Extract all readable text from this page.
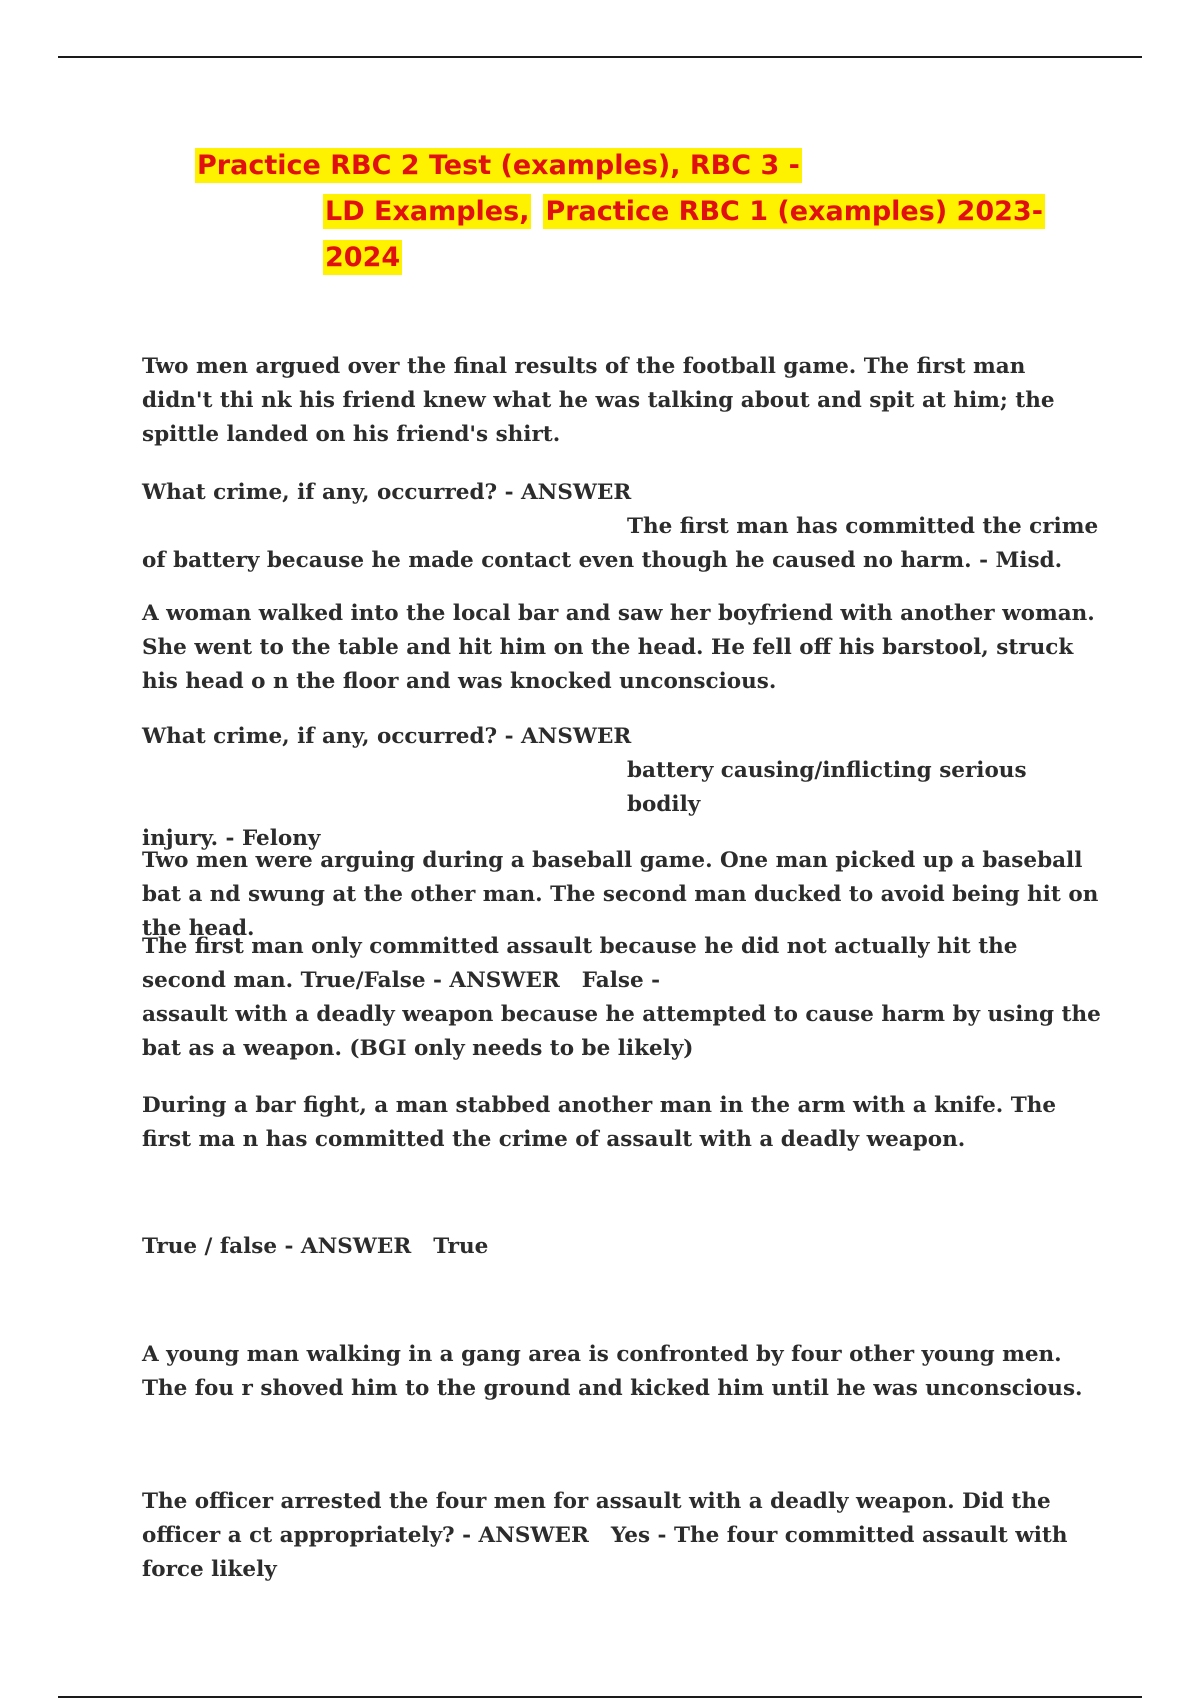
Practice RBC 2 Test (examples), RBC 3 -
LD Examples, Practice RBC 1 (examples) 2023-
2024
Two men argued over the final results of the football game. The first man didn't thi nk his friend knew what he was talking about and spit at him; the spittle landed on his friend's shirt.
What crime, if any, occurred? - ANSWER
The first man has committed the crime
of battery because he made contact even though he caused no harm. - Misd.
A woman walked into the local bar and saw her boyfriend with another woman. She went to the table and hit him on the head. He fell off his barstool, struck his head o n the floor and was knocked unconscious.
What crime, if any, occurred? - ANSWER
battery causing/inflicting serious bodily
injury. - Felony
Two men were arguing during a baseball game. One man picked up a baseball bat a nd swung at the other man. The second man ducked to avoid being hit on the head.
The first man only committed assault because he did not actually hit the second man. True/False - ANSWER False -
assault with a deadly weapon because he attempted to cause harm by using the bat as a weapon. (BGI only needs to be likely)
During a bar fight, a man stabbed another man in the arm with a knife. The first ma n has committed the crime of assault with a deadly weapon.
True / false - ANSWER True
A young man walking in a gang area is confronted by four other young men. The fou r shoved him to the ground and kicked him until he was unconscious.
The officer arrested the four men for assault with a deadly weapon. Did the officer a ct appropriately? - ANSWER Yes - The four committed assault with force likely
